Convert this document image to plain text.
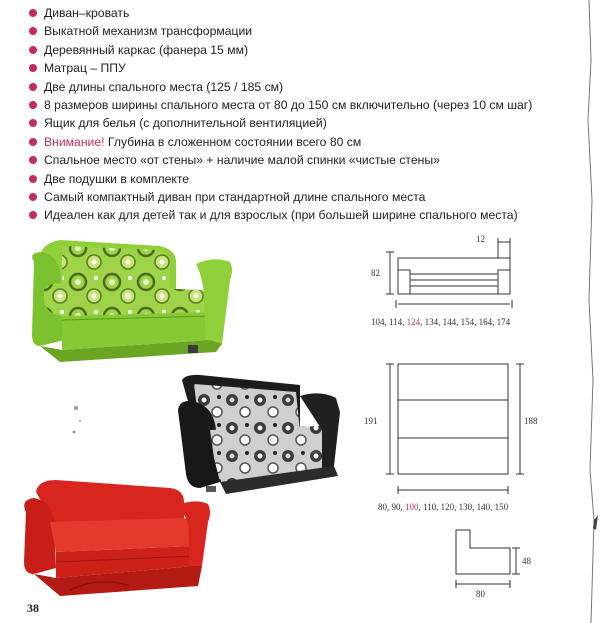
Диван–кровать
Выкатной механизм трансформации
Деревянный каркас (фанера 15 мм)
Матрац – ППУ
Две длины спального места (125 / 185 см)
8 размеров ширины спального места от 80 до 150 см включительно (через 10 см шаг)
Ящик для белья (с дополнительной вентиляцией)
Внимание! Глубина в сложенном состоянии всего 80 см
Спальное место «от стены» + наличие малой спинки «чистые стены»
Две подушки в комплекте
Самый компактный диван при стандартной длине спального места
Идеален как для детей так и для взрослых (при большей ширине спального места)
12
82
104, 114, 124, 134, 144, 154, 164, 174
191	188
80, 90, 100, 110, 120, 130, 140, 150
48
80
38
